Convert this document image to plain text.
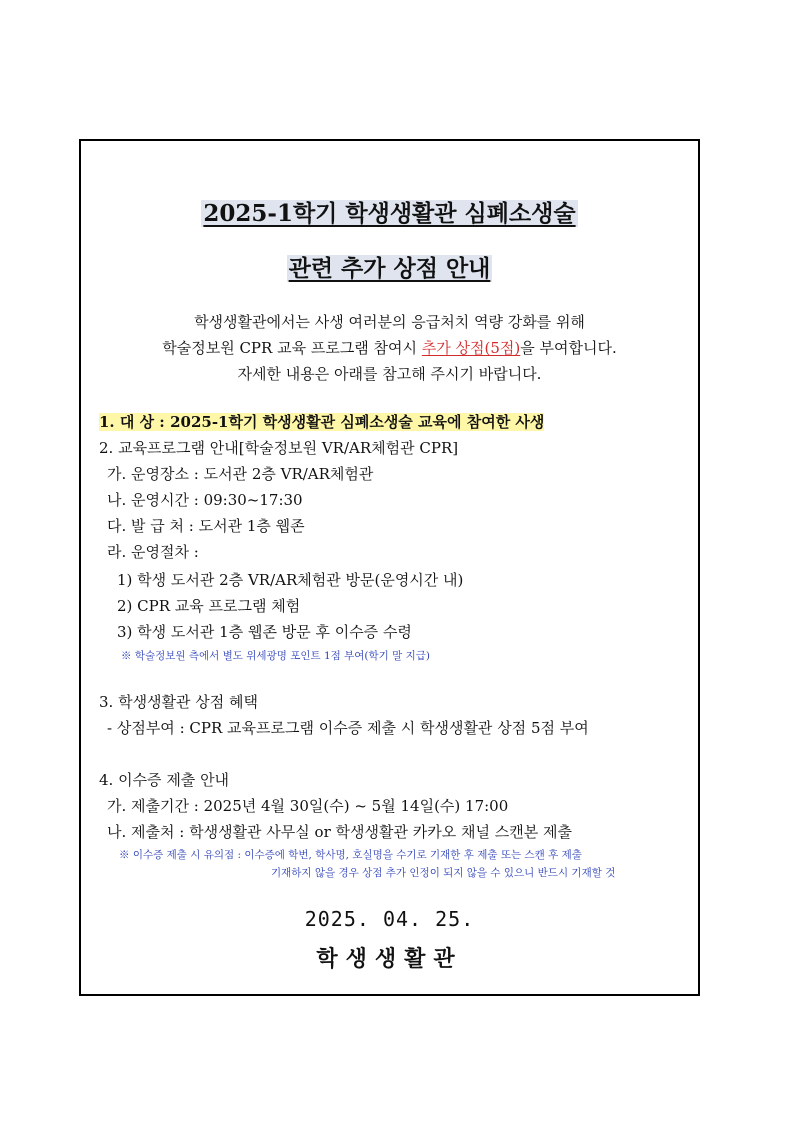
2025-1학기 학생생활관 심폐소생술
관련 추가 상점 안내
학생생활관에서는 사생 여러분의 응급처치 역량 강화를 위해
학술정보원 CPR 교육 프로그램 참여시 추가 상점(5점)을 부여합니다.
자세한 내용은 아래를 참고해 주시기 바랍니다.
1. 대 상 : 2025-1학기 학생생활관 심폐소생술 교육에 참여한 사생
2. 교육프로그램 안내[학술정보원 VR/AR체험관 CPR]
가. 운영장소 : 도서관 2층 VR/AR체험관
나. 운영시간 : 09:30~17:30
다. 발 급 처 : 도서관 1층 웹존
라. 운영절차 :
1) 학생 도서관 2층 VR/AR체험관 방문(운영시간 내)
2) CPR 교육 프로그램 체험
3) 학생 도서관 1층 웹존 방문 후 이수증 수령
※ 학술정보원 측에서 별도 위세광명 포인트 1점 부여(학기 말 지급)
3. 학생생활관 상점 혜택
- 상점부여 : CPR 교육프로그램 이수증 제출 시 학생생활관 상점 5점 부여
4. 이수증 제출 안내
가. 제출기간 : 2025년 4월 30일(수) ~ 5월 14일(수) 17:00
나. 제출처 : 학생생활관 사무실 or 학생생활관 카카오 채널 스캔본 제출
※ 이수증 제출 시 유의점 : 이수증에 학번, 학사명, 호실명을 수기로 기재한 후 제출 또는 스캔 후 제출
기재하지 않을 경우 상점 추가 인정이 되지 않을 수 있으니 반드시 기재할 것
2025. 04. 25.
학생생활관
